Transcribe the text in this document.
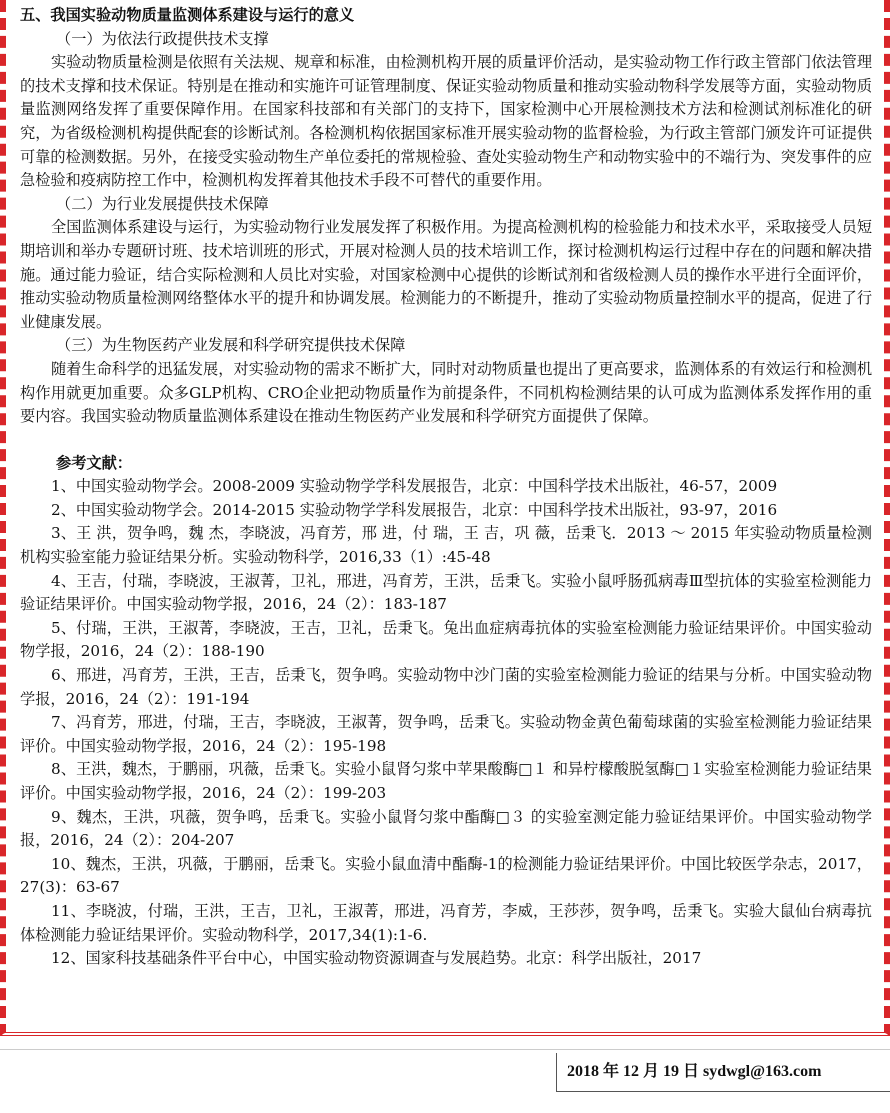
五、我国实验动物质量监测体系建设与运行的意义

（一）为依法行政提供技术支撑

实验动物质量检测是依照有关法规、规章和标准，由检测机构开展的质量评价活动，是实验动物工作行政主管部门依法管理的技术支撑和技术保证。特别是在推动和实施许可证管理制度、保证实验动物质量和推动实验动物科学发展等方面，实验动物质量监测网络发挥了重要保障作用。在国家科技部和有关部门的支持下，国家检测中心开展检测技术方法和检测试剂标准化的研究，为省级检测机构提供配套的诊断试剂。各检测机构依据国家标准开展实验动物的监督检验，为行政主管部门颁发许可证提供可靠的检测数据。另外，在接受实验动物生产单位委托的常规检验、查处实验动物生产和动物实验中的不端行为、突发事件的应急检验和疫病防控工作中，检测机构发挥着其他技术手段不可替代的重要作用。

（二）为行业发展提供技术保障

全国监测体系建设与运行，为实验动物行业发展发挥了积极作用。为提高检测机构的检验能力和技术水平，采取接受人员短期培训和举办专题研讨班、技术培训班的形式，开展对检测人员的技术培训工作，探讨检测机构运行过程中存在的问题和解决措施。通过能力验证，结合实际检测和人员比对实验，对国家检测中心提供的诊断试剂和省级检测人员的操作水平进行全面评价，推动实验动物质量检测网络整体水平的提升和协调发展。检测能力的不断提升，推动了实验动物质量控制水平的提高，促进了行业健康发展。

（三）为生物医药产业发展和科学研究提供技术保障

随着生命科学的迅猛发展，对实验动物的需求不断扩大，同时对动物质量也提出了更高要求，监测体系的有效运行和检测机构作用就更加重要。众多GLP机构、CRO企业把动物质量作为前提条件，不同机构检测结果的认可成为监测体系发挥作用的重要内容。我国实验动物质量监测体系建设在推动生物医药产业发展和科学研究方面提供了保障。

参考文献：

1、中国实验动物学会。2008-2009 实验动物学学科发展报告，北京：中国科学技术出版社，46-57，2009

2、中国实验动物学会。2014-2015 实验动物学学科发展报告，北京：中国科学技术出版社，93-97，2016

3、王 洪，贺争鸣，魏 杰，李晓波，冯育芳，邢 进，付 瑞，王 吉，巩 薇，岳秉飞．2013 ～ 2015 年实验动物质量检测机构实验室能力验证结果分析。实验动物科学，2016,33（1）:45-48

4、王吉，付瑞，李晓波，王淑菁，卫礼，邢进，冯育芳，王洪，岳秉飞。实验小鼠呼肠孤病毒Ⅲ型抗体的实验室检测能力验证结果评价。中国实验动物学报，2016，24（2）：183-187

5、付瑞，王洪，王淑菁，李晓波，王吉，卫礼，岳秉飞。兔出血症病毒抗体的实验室检测能力验证结果评价。中国实验动物学报，2016，24（2）：188-190

6、邢进，冯育芳，王洪，王吉，岳秉飞，贺争鸣。实验动物中沙门菌的实验室检测能力验证的结果与分析。中国实验动物学报，2016，24（2）：191-194

7、冯育芳，邢进，付瑞，王吉，李晓波，王淑菁，贺争鸣，岳秉飞。实验动物金黄色葡萄球菌的实验室检测能力验证结果评价。中国实验动物学报，2016，24（2）：195-198

8、王洪，魏杰，于鹏丽，巩薇，岳秉飞。实验小鼠肾匀浆中苹果酸酶□１ 和异柠檬酸脱氢酶□１实验室检测能力验证结果评价。中国实验动物学报，2016，24（2）：199-203

9、魏杰，王洪，巩薇，贺争鸣，岳秉飞。实验小鼠肾匀浆中酯酶□３ 的实验室测定能力验证结果评价。中国实验动物学报，2016，24（2）：204-207

10、魏杰，王洪，巩薇，于鹏丽，岳秉飞。实验小鼠血清中酯酶-1的检测能力验证结果评价。中国比较医学杂志，2017，27(3)：63-67

11、李晓波，付瑞，王洪，王吉，卫礼，王淑菁，邢进，冯育芳，李威，王莎莎，贺争鸣，岳秉飞。实验大鼠仙台病毒抗体检测能力验证结果评价。实验动物科学，2017,34(1):1-6.

12、国家科技基础条件平台中心，中国实验动物资源调查与发展趋势。北京：科学出版社，2017

2018 年 12 月 19 日 sydwgl@163.com
